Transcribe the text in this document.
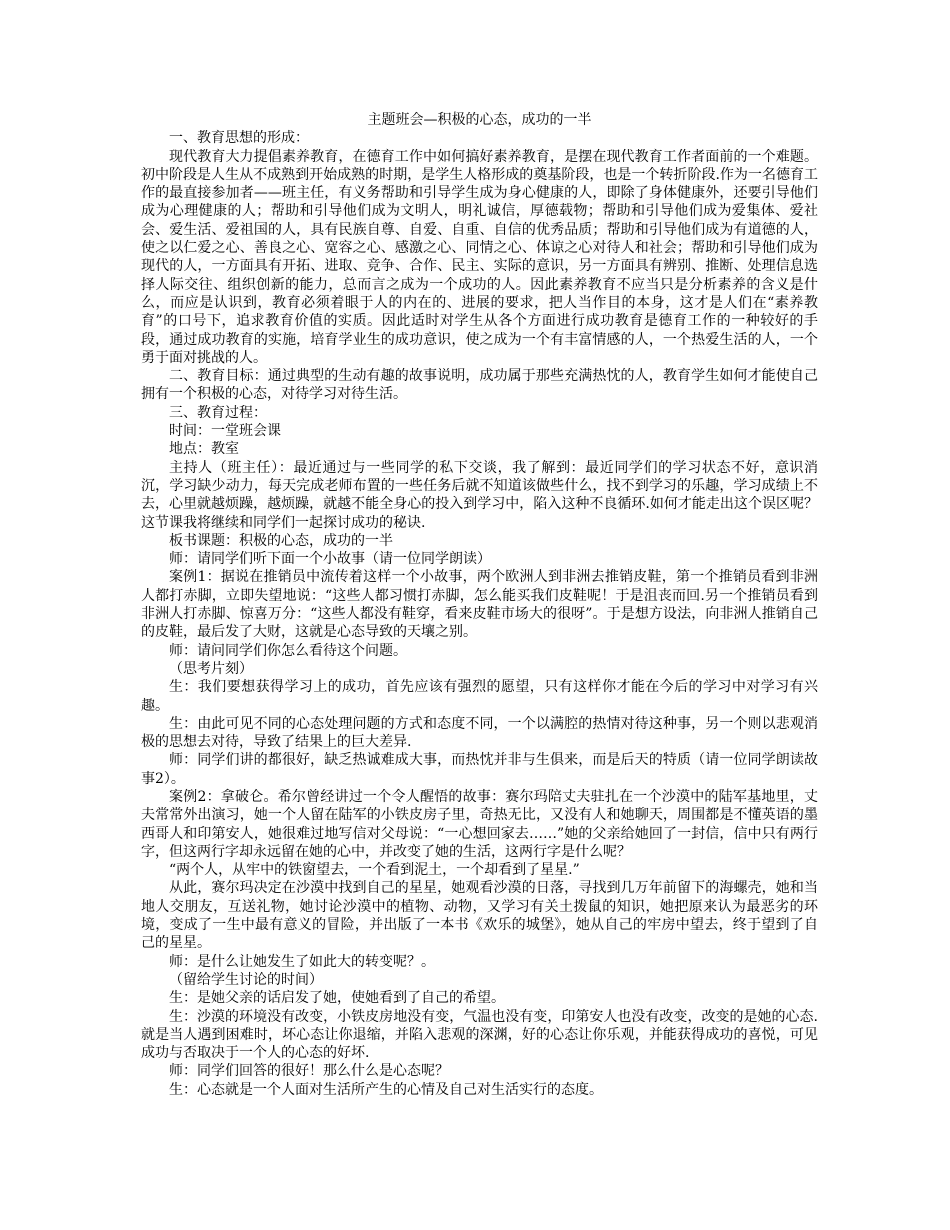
主题班会—积极的心态，成功的一半

一、教育思想的形成：

现代教育大力提倡素养教育，在德育工作中如何搞好素养教育，是摆在现代教育工作者面前的一个难题。初中阶段是人生从不成熟到开始成熟的时期，是学生人格形成的奠基阶段，也是一个转折阶段.作为一名德育工作的最直接参加者——班主任，有义务帮助和引导学生成为身心健康的人，即除了身体健康外，还要引导他们成为心理健康的人；帮助和引导他们成为文明人，明礼诚信，厚德载物；帮助和引导他们成为爱集体、爱社会、爱生活、爱祖国的人，具有民族自尊、自爱、自重、自信的优秀品质；帮助和引导他们成为有道德的人，使之以仁爱之心、善良之心、宽容之心、感激之心、同情之心、体谅之心对待人和社会；帮助和引导他们成为现代的人，一方面具有开拓、进取、竞争、合作、民主、实际的意识，另一方面具有辨别、推断、处理信息选择人际交往、组织创新的能力，总而言之成为一个成功的人。因此素养教育不应当只是分析素养的含义是什么，而应是认识到，教育必须着眼于人的内在的、进展的要求，把人当作目的本身，这才是人们在“素养教育”的口号下，追求教育价值的实质。因此适时对学生从各个方面进行成功教育是德育工作的一种较好的手段，通过成功教育的实施，培育学业生的成功意识，使之成为一个有丰富情感的人，一个热爱生活的人，一个勇于面对挑战的人。

二、教育目标：通过典型的生动有趣的故事说明，成功属于那些充满热忱的人，教育学生如何才能使自己拥有一个积极的心态，对待学习对待生活。

三、教育过程：

时间：一堂班会课

地点：教室

主持人（班主任）：最近通过与一些同学的私下交谈，我了解到：最近同学们的学习状态不好，意识消沉，学习缺少动力，每天完成老师布置的一些任务后就不知道该做些什么，找不到学习的乐趣，学习成绩上不去，心里就越烦躁，越烦躁，就越不能全身心的投入到学习中，陷入这种不良循环.如何才能走出这个误区呢？这节课我将继续和同学们一起探讨成功的秘诀.

板书课题：积极的心态，成功的一半

师：请同学们听下面一个小故事（请一位同学朗读）

案例1：据说在推销员中流传着这样一个小故事，两个欧洲人到非洲去推销皮鞋，第一个推销员看到非洲人都打赤脚，立即失望地说：“这些人都习惯打赤脚，怎么能买我们皮鞋呢！于是沮丧而回.另一个推销员看到非洲人打赤脚、惊喜万分：“这些人都没有鞋穿，看来皮鞋市场大的很呀”。于是想方设法，向非洲人推销自己的皮鞋，最后发了大财，这就是心态导致的天壤之别。

师：请问同学们你怎么看待这个问题。

（思考片刻）

生：我们要想获得学习上的成功，首先应该有强烈的愿望，只有这样你才能在今后的学习中对学习有兴趣。

生：由此可见不同的心态处理问题的方式和态度不同，一个以满腔的热情对待这种事，另一个则以悲观消极的思想去对待，导致了结果上的巨大差异.

师：同学们讲的都很好，缺乏热诚难成大事，而热忱并非与生俱来，而是后天的特质（请一位同学朗读故事2）。

案例2：拿破仑。希尔曾经讲过一个令人醒悟的故事：赛尔玛陪丈夫驻扎在一个沙漠中的陆军基地里，丈夫常常外出演习，她一个人留在陆军的小铁皮房子里，奇热无比，又没有人和她聊天，周围都是不懂英语的墨西哥人和印第安人，她很难过地写信对父母说：“一心想回家去……”她的父亲给她回了一封信，信中只有两行字，但这两行字却永远留在她的心中，并改变了她的生活，这两行字是什么呢？

“两个人，从牢中的铁窗望去，一个看到泥土，一个却看到了星星.”

从此，赛尔玛决定在沙漠中找到自己的星星，她观看沙漠的日落，寻找到几万年前留下的海螺壳，她和当地人交朋友，互送礼物，她讨论沙漠中的植物、动物，又学习有关土拨鼠的知识，她把原来认为最恶劣的环境，变成了一生中最有意义的冒险，并出版了一本书《欢乐的城堡》，她从自己的牢房中望去，终于望到了自己的星星。

师：是什么让她发生了如此大的转变呢？。

（留给学生讨论的时间）

生：是她父亲的话启发了她，使她看到了自己的希望。

生：沙漠的环境没有改变，小铁皮房地没有变，气温也没有变，印第安人也没有改变，改变的是她的心态.就是当人遇到困难时，坏心态让你退缩，并陷入悲观的深渊，好的心态让你乐观，并能获得成功的喜悦，可见成功与否取决于一个人的心态的好坏.

师：同学们回答的很好！那么什么是心态呢？

生：心态就是一个人面对生活所产生的心情及自己对生活实行的态度。
